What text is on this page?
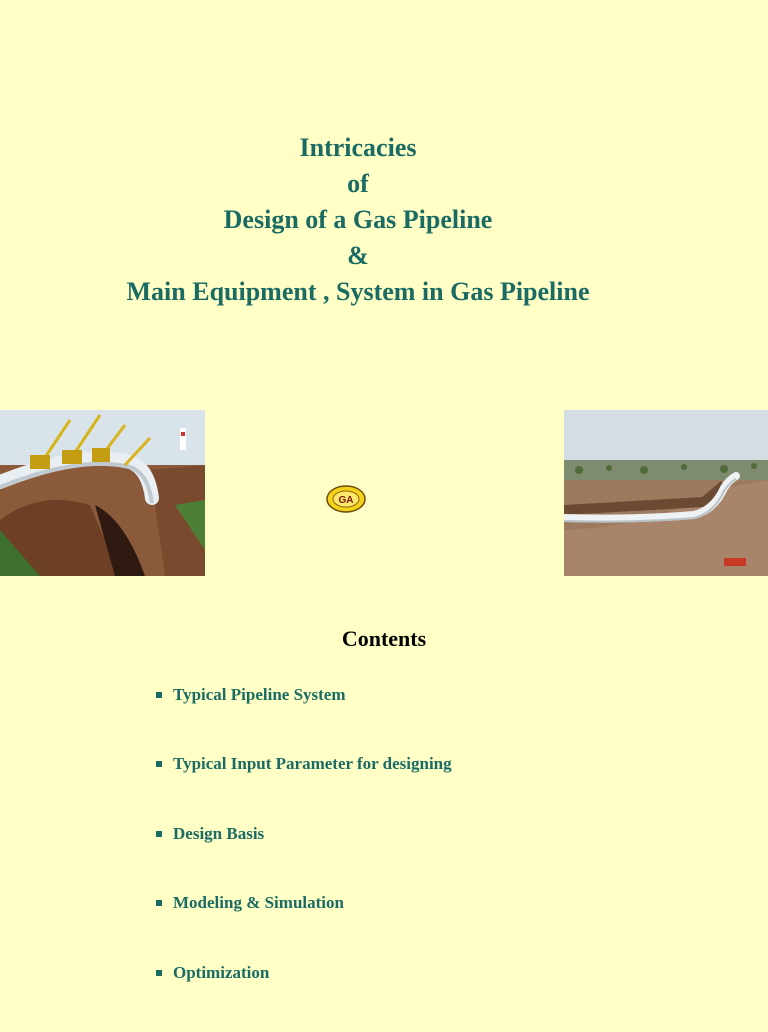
Intricacies
of
Design of a Gas Pipeline
&
Main Equipment , System in Gas Pipeline
GA
Contents
Typical Pipeline System
Typical Input Parameter for designing
Design Basis
Modeling & Simulation
Optimization
